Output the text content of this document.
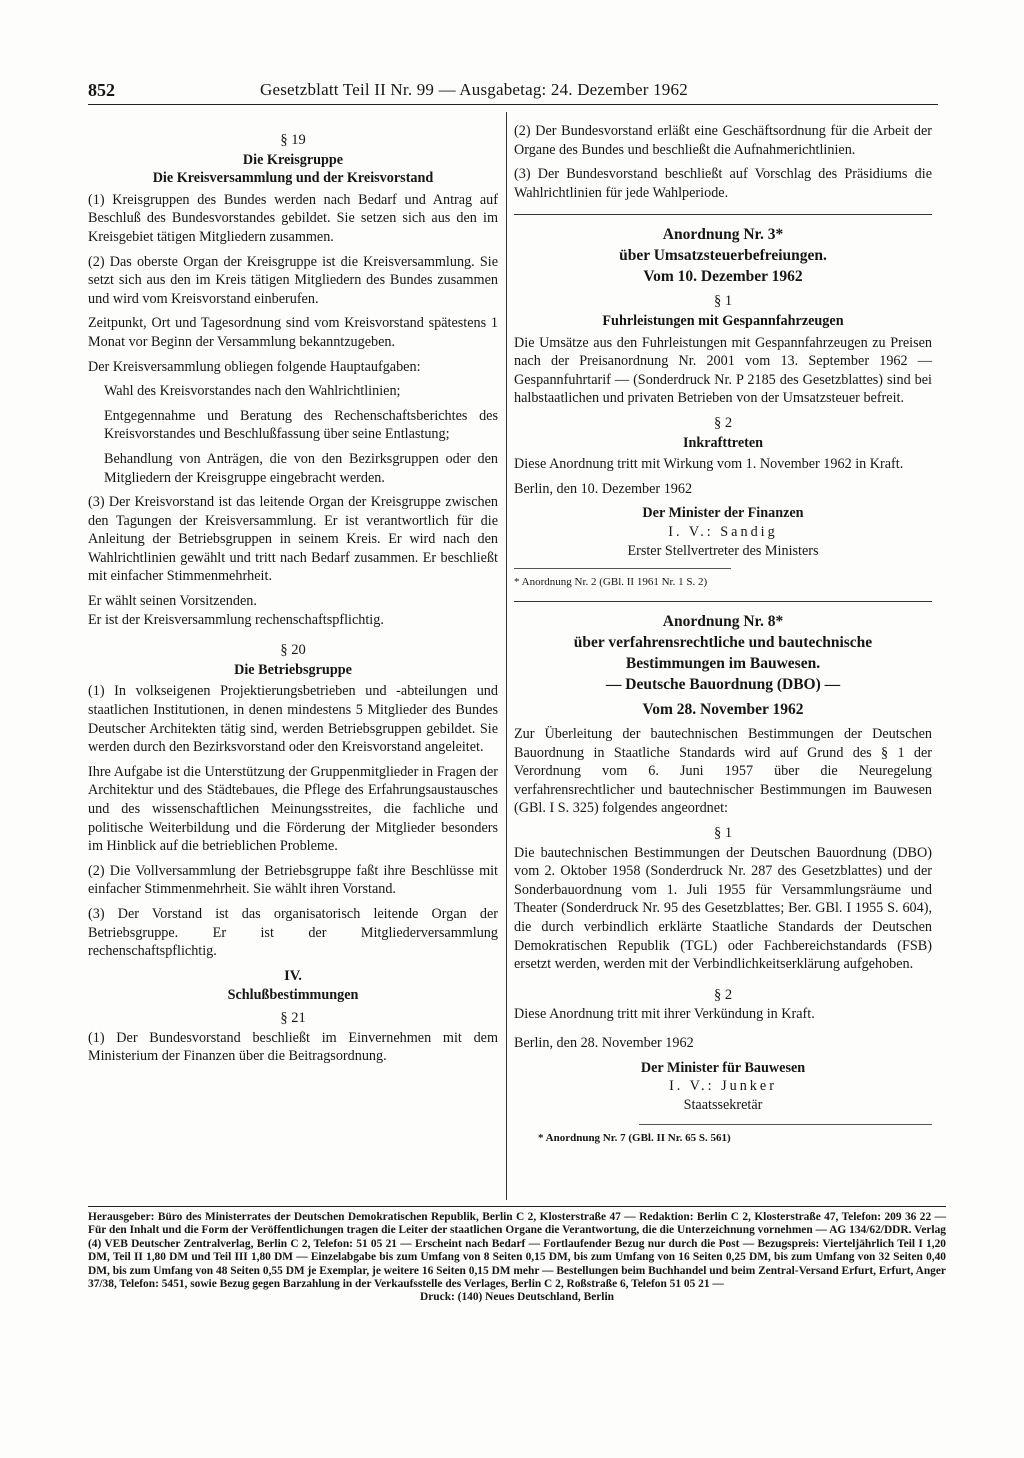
852	Gesetzblatt Teil II Nr. 99 — Ausgabetag: 24. Dezember 1962
§ 19
Die Kreisgruppe
Die Kreisversammlung und der Kreisvorstand

(1) Kreisgruppen des Bundes werden nach Bedarf und Antrag auf Beschluß des Bundesvorstandes gebildet. Sie setzen sich aus den im Kreisgebiet tätigen Mitgliedern zusammen.

(2) Das oberste Organ der Kreisgruppe ist die Kreisversammlung. Sie setzt sich aus den im Kreis tätigen Mitgliedern des Bundes zusammen und wird vom Kreisvorstand einberufen.

Zeitpunkt, Ort und Tagesordnung sind vom Kreisvorstand spätestens 1 Monat vor Beginn der Versammlung bekanntzugeben.

Der Kreisversammlung obliegen folgende Hauptaufgaben:

Wahl des Kreisvorstandes nach den Wahlrichtlinien;

Entgegennahme und Beratung des Rechenschaftsberichtes des Kreisvorstandes und Beschlußfassung über seine Entlastung;

Behandlung von Anträgen, die von den Bezirksgruppen oder den Mitgliedern der Kreisgruppe eingebracht werden.

(3) Der Kreisvorstand ist das leitende Organ der Kreisgruppe zwischen den Tagungen der Kreisversammlung. Er ist verantwortlich für die Anleitung der Betriebsgruppen in seinem Kreis. Er wird nach den Wahlrichtlinien gewählt und tritt nach Bedarf zusammen. Er beschließt mit einfacher Stimmenmehrheit.

Er wählt seinen Vorsitzenden.

Er ist der Kreisversammlung rechenschaftspflichtig.

§ 20
Die Betriebsgruppe

(1) In volkseigenen Projektierungsbetrieben und -abteilungen und staatlichen Institutionen, in denen mindestens 5 Mitglieder des Bundes Deutscher Architekten tätig sind, werden Betriebsgruppen gebildet. Sie werden durch den Bezirksvorstand oder den Kreisvorstand angeleitet.

Ihre Aufgabe ist die Unterstützung der Gruppenmitglieder in Fragen der Architektur und des Städtebaues, die Pflege des Erfahrungsaustausches und des wissenschaftlichen Meinungsstreites, die fachliche und politische Weiterbildung und die Förderung der Mitglieder besonders im Hinblick auf die betrieblichen Probleme.

(2) Die Vollversammlung der Betriebsgruppe faßt ihre Beschlüsse mit einfacher Stimmenmehrheit. Sie wählt ihren Vorstand.

(3) Der Vorstand ist das organisatorisch leitende Organ der Betriebsgruppe. Er ist der Mitgliederversammlung rechenschaftspflichtig.

IV.
Schlußbestimmungen
§ 21

(1) Der Bundesvorstand beschließt im Einvernehmen mit dem Ministerium der Finanzen über die Beitragsordnung.

(2) Der Bundesvorstand erläßt eine Geschäftsordnung für die Arbeit der Organe des Bundes und beschließt die Aufnahmerichtlinien.

(3) Der Bundesvorstand beschließt auf Vorschlag des Präsidiums die Wahlrichtlinien für jede Wahlperiode.

Anordnung Nr. 3*
über Umsatzsteuerbefreiungen.
Vom 10. Dezember 1962
§ 1
Fuhrleistungen mit Gespannfahrzeugen

Die Umsätze aus den Fuhrleistungen mit Gespannfahrzeugen zu Preisen nach der Preisanordnung Nr. 2001 vom 13. September 1962 — Gespannfuhrtarif — (Sonderdruck Nr. P 2185 des Gesetzblattes) sind bei halbstaatlichen und privaten Betrieben von der Umsatzsteuer befreit.

§ 2
Inkrafttreten

Diese Anordnung tritt mit Wirkung vom 1. November 1962 in Kraft.

Berlin, den 10. Dezember 1962

Der Minister der Finanzen
I. V.: Sandig
Erster Stellvertreter des Ministers

* Anordnung Nr. 2 (GBl. II 1961 Nr. 1 S. 2)

Anordnung Nr. 8*
über verfahrensrechtliche und bautechnische
Bestimmungen im Bauwesen.
— Deutsche Bauordnung (DBO) —
Vom 28. November 1962

Zur Überleitung der bautechnischen Bestimmungen der Deutschen Bauordnung in Staatliche Standards wird auf Grund des § 1 der Verordnung vom 6. Juni 1957 über die Neuregelung verfahrensrechtlicher und bautechnischer Bestimmungen im Bauwesen (GBl. I S. 325) folgendes angeordnet:

§ 1

Die bautechnischen Bestimmungen der Deutschen Bauordnung (DBO) vom 2. Oktober 1958 (Sonderdruck Nr. 287 des Gesetzblattes) und der Sonderbauordnung vom 1. Juli 1955 für Versammlungsräume und Theater (Sonderdruck Nr. 95 des Gesetzblattes; Ber. GBl. I 1955 S. 604), die durch verbindlich erklärte Staatliche Standards der Deutschen Demokratischen Republik (TGL) oder Fachbereichstandards (FSB) ersetzt werden, werden mit der Verbindlichkeitserklärung aufgehoben.

§ 2

Diese Anordnung tritt mit ihrer Verkündung in Kraft.

Berlin, den 28. November 1962

Der Minister für Bauwesen
I. V.: Junker
Staatssekretär

* Anordnung Nr. 7 (GBl. II Nr. 65 S. 561)

Herausgeber: Büro des Ministerrates der Deutschen Demokratischen Republik, Berlin C 2, Klosterstraße 47 — Redaktion: Berlin C 2, Klosterstraße 47, Telefon: 209 36 22 — Für den Inhalt und die Form der Veröffentlichungen tragen die Leiter der staatlichen Organe die Verantwortung, die die Unterzeichnung vornehmen — AG 134/62/DDR. Verlag (4) VEB Deutscher Zentralverlag, Berlin C 2, Telefon: 51 05 21 — Erscheint nach Bedarf — Fortlaufender Bezug nur durch die Post — Bezugspreis: Vierteljährlich Teil I 1,20 DM, Teil II 1,80 DM und Teil III 1,80 DM — Einzelabgabe bis zum Umfang von 8 Seiten 0,15 DM, bis zum Umfang von 16 Seiten 0,25 DM, bis zum Umfang von 32 Seiten 0,40 DM, bis zum Umfang von 48 Seiten 0,55 DM je Exemplar, je weitere 16 Seiten 0,15 DM mehr — Bestellungen beim Buchhandel und beim Zentral-Versand Erfurt, Erfurt, Anger 37/38, Telefon: 5451, sowie Bezug gegen Barzahlung in der Verkaufsstelle des Verlages, Berlin C 2, Roßstraße 6, Telefon 51 05 21 —
Druck: (140) Neues Deutschland, Berlin
